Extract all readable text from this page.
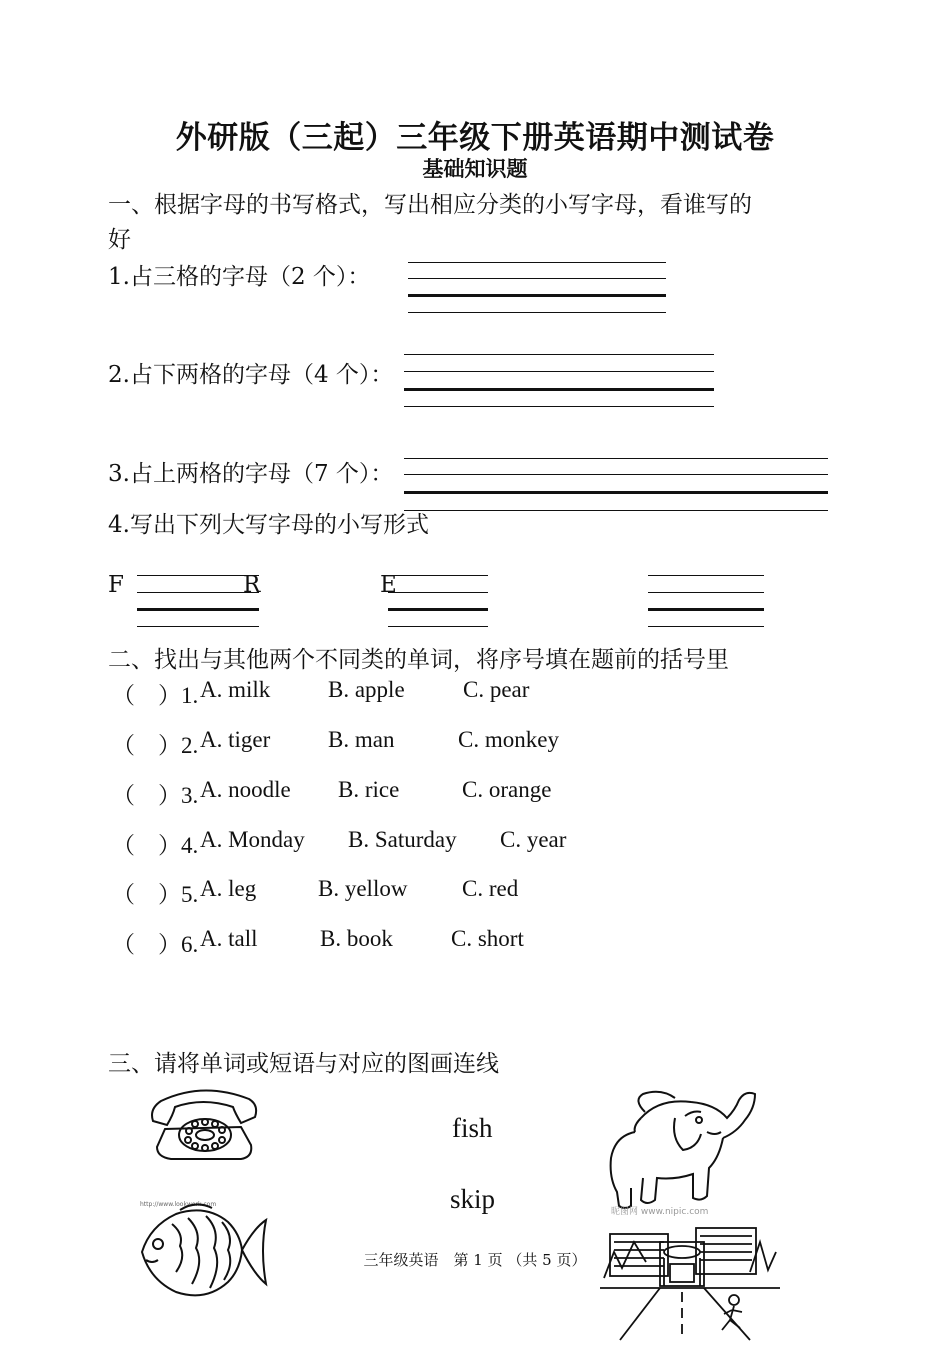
外研版（三起）三年级下册英语期中测试卷
基础知识题
一、根据字母的书写格式，写出相应分类的小写字母，看谁写的
好
1.占三格的字母（2 个）：
2.占下两格的字母（4 个）：
3.占上两格的字母（7 个）：
4.写出下列大写字母的小写形式
F	R	E
二、找出与其他两个不同类的单词，将序号填在题前的括号里
（　）1. A. milk	B. apple	C. pear
（　）2. A. tiger	B. man	C. monkey
（　）3. A. noodle B. rice	C. orange
（　）4. A. Monday B. Saturday C. year
（　）5. A. leg	B. yellow C. red
（　）6. A. tall	B. book	C. short
三、请将单词或短语与对应的图画连线
fish
skip
http://www.lookwork.com
昵图网 www.nipic.com
三年级英语　第 1 页 （共 5 页）
